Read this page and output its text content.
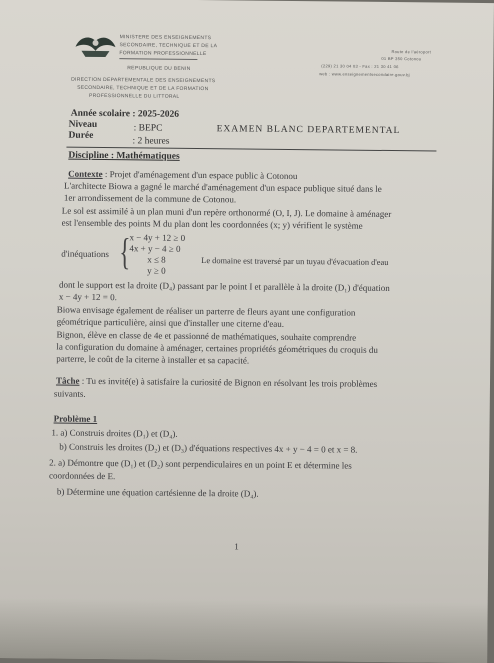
MINISTERE DES ENSEIGNEMENTS
SECONDAIRE, TECHNIQUE ET DE LA
FORMATION PROFESSIONNELLE
REPUBLIQUE DU BENIN
DIRECTION DEPARTEMENTALE DES ENSEIGNEMENTS
SECONDAIRE, TECHNIQUE ET DE LA FORMATION
PROFESSIONNELLE DU LITTORAL
Route de l'aéroport
01 BP 350 Cotonou
(229) 21 30 04 03 - Fax : 21 30 41 06
web : www.enseignementsecondaire.gouv.bj
Année scolaire : 2025-2026
Niveau	: BEPC	EXAMEN BLANC DEPARTEMENTAL
Durée
: 2 heures
Discipline : Mathématiques
Contexte : Projet d'aménagement d'un espace public à Cotonou
L'architecte Biowa a gagné le marché d'aménagement d'un espace publique situé dans le
1er arrondissement de la commune de Cotonou.
Le sol est assimilé à un plan muni d'un repère orthonormé (O, I, J). Le domaine à aménager
est l'ensemble des points M du plan dont les coordonnées (x; y) vérifient le système
d'inéquations {
x − 4y + 12 ≥ 0
4x + y − 4 ≥ 0
x ≤ 8
y ≥ 0
Le domaine est traversé par un tuyau d'évacuation d'eau
dont le support est la droite (D₄) passant par le point I et parallèle à la droite (D₁) d'équation
x − 4y + 12 = 0.
Biowa envisage également de réaliser un parterre de fleurs ayant une configuration
géométrique particulière, ainsi que d'installer une citerne d'eau.
Bignon, élève en classe de 4e et passionné de mathématiques, souhaite comprendre
la configuration du domaine à aménager, certaines propriétés géométriques du croquis du
parterre, le coût de la citerne à installer et sa capacité.
Tâche : Tu es invité(e) à satisfaire la curiosité de Bignon en résolvant les trois problèmes
suivants.
Problème 1
1. a) Construis droites (D₁) et (D₄).
b) Construis les droites (D₂) et (D₃) d'équations respectives 4x + y − 4 = 0 et x = 8.
2. a) Démontre que (D₁) et (D₂) sont perpendiculaires en un point E et détermine les
coordonnées de E.
b) Détermine une équation cartésienne de la droite (D₄).
1
